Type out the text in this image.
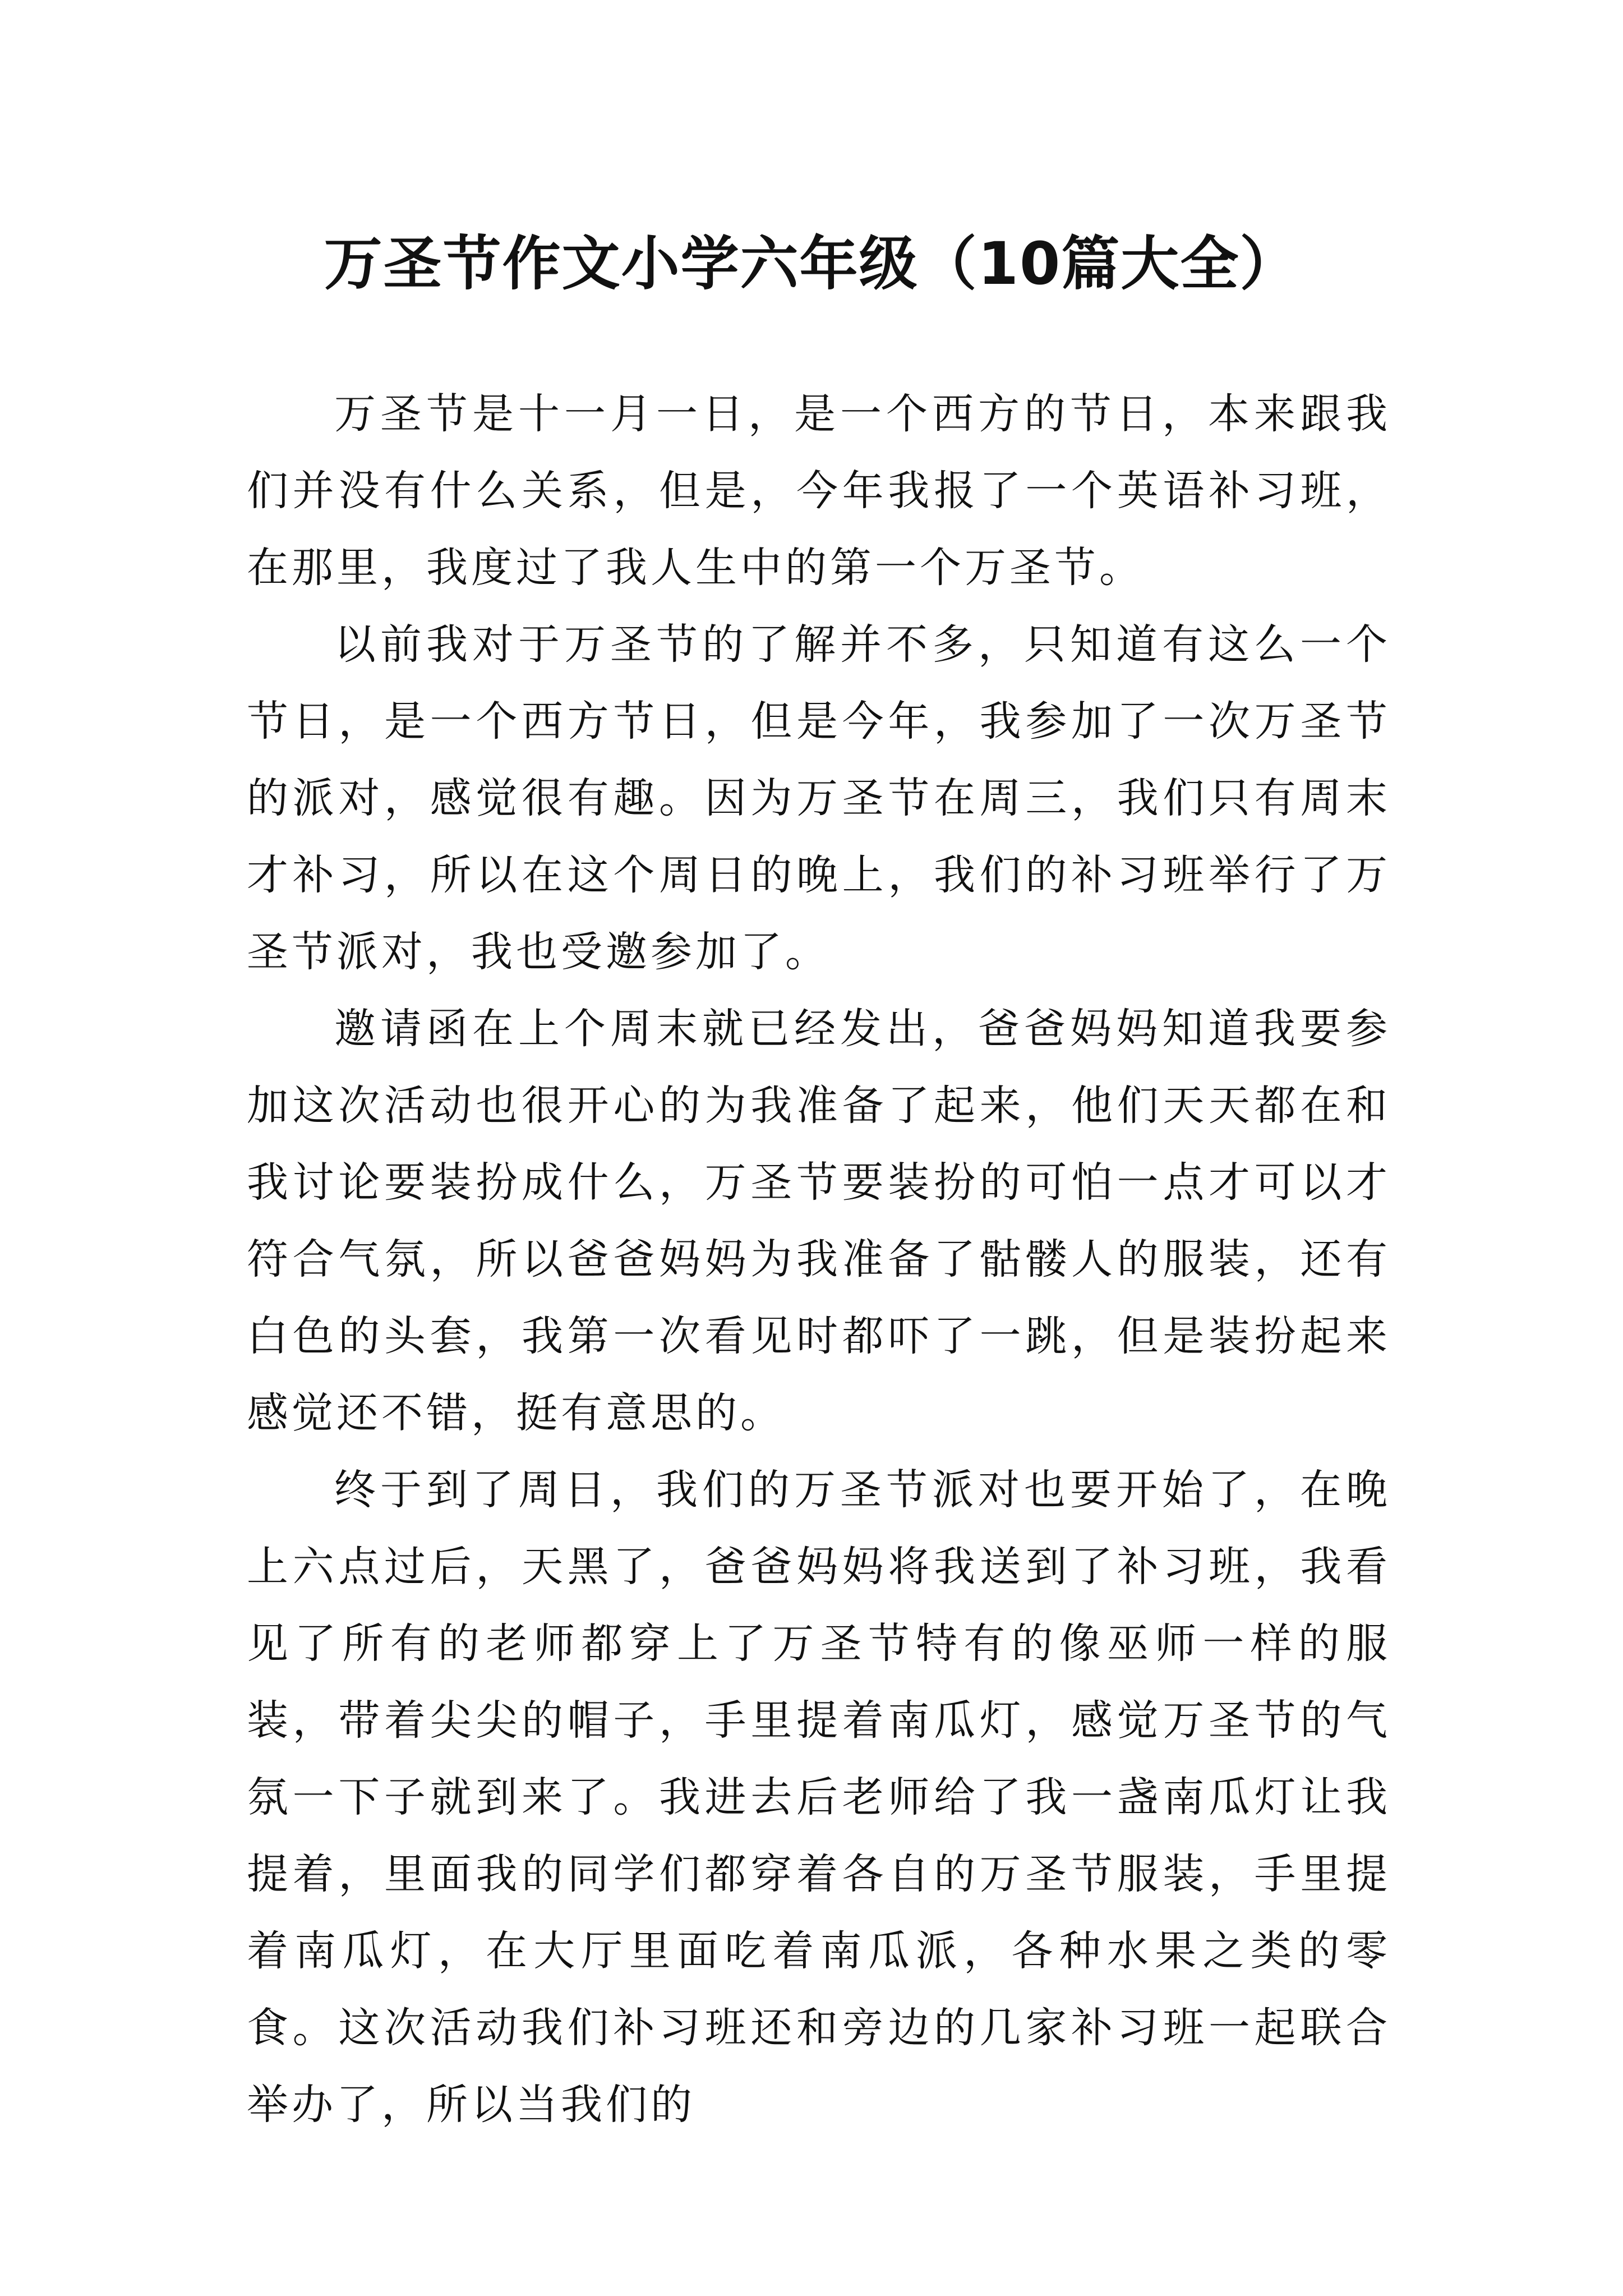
万圣节作文小学六年级（10篇大全）

万圣节是十一月一日，是一个西方的节日，本来跟我们并没有什么关系，但是，今年我报了一个英语补习班，在那里，我度过了我人生中的第一个万圣节。

以前我对于万圣节的了解并不多，只知道有这么一个节日，是一个西方节日，但是今年，我参加了一次万圣节的派对，感觉很有趣。因为万圣节在周三，我们只有周末才补习，所以在这个周日的晚上，我们的补习班举行了万圣节派对，我也受邀参加了。

邀请函在上个周末就已经发出，爸爸妈妈知道我要参加这次活动也很开心的为我准备了起来，他们天天都在和我讨论要装扮成什么，万圣节要装扮的可怕一点才可以才符合气氛，所以爸爸妈妈为我准备了骷髅人的服装，还有白色的头套，我第一次看见时都吓了一跳，但是装扮起来感觉还不错，挺有意思的。

终于到了周日，我们的万圣节派对也要开始了，在晚上六点过后，天黑了，爸爸妈妈将我送到了补习班，我看见了所有的老师都穿上了万圣节特有的像巫师一样的服装，带着尖尖的帽子，手里提着南瓜灯，感觉万圣节的气氛一下子就到来了。我进去后老师给了我一盏南瓜灯让我提着，里面我的同学们都穿着各自的万圣节服装，手里提着南瓜灯，在大厅里面吃着南瓜派，各种水果之类的零食。这次活动我们补习班还和旁边的几家补习班一起联合举办了，所以当我们的
